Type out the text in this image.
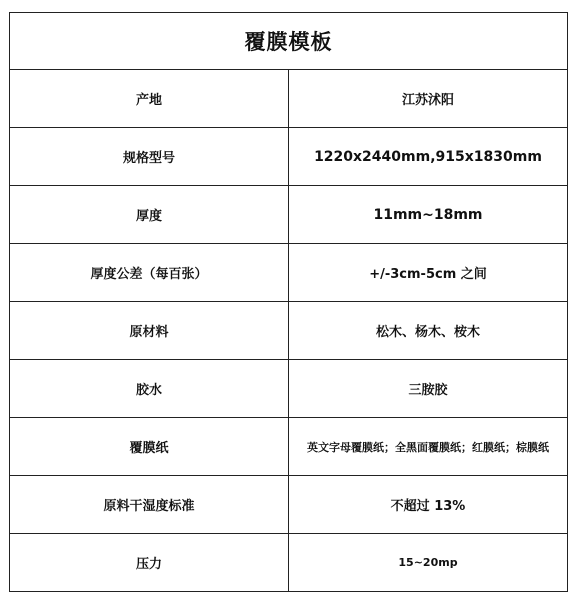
覆膜模板	
产地	江苏沭阳
规格型号	1220x2440mm,915x1830mm
厚度	11mm~18mm
厚度公差（每百张）	+/-3cm-5cm 之间
原材料	松木、杨木、桉木
胶水	三胺胶
覆膜纸	英文字母覆膜纸；全黑面覆膜纸；红膜纸；棕膜纸
原料干湿度标准	不超过 13%
压力	15~20mp
